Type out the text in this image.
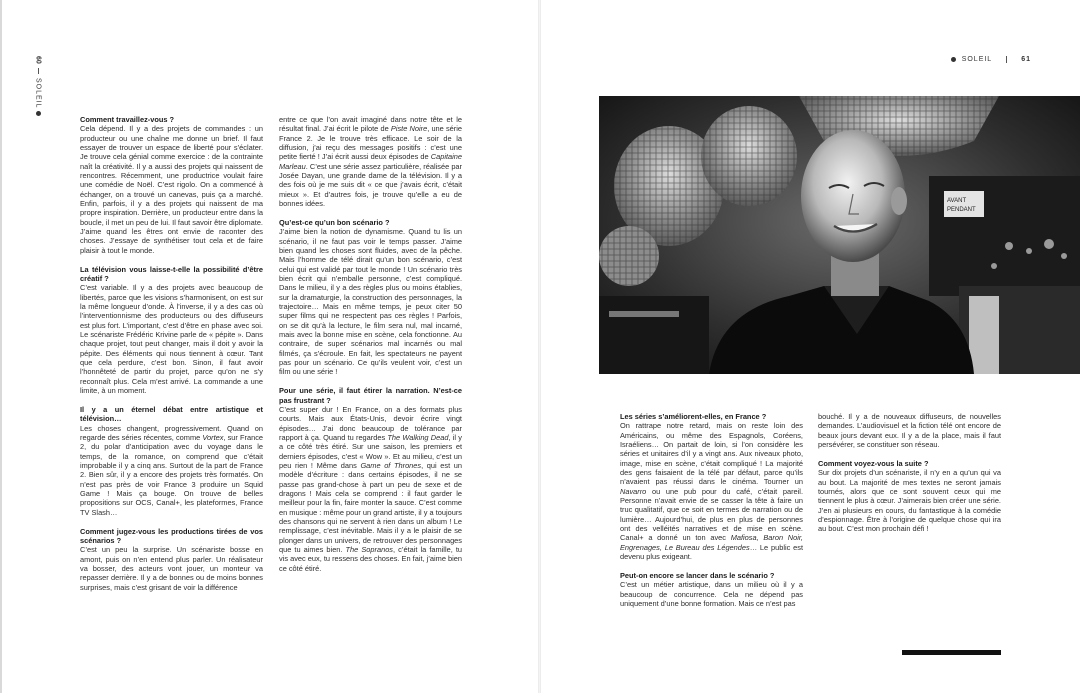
60
SOLEIL

Comment travaillez-vous ?

Cela dépend. Il y a des projets de commandes : un producteur ou une chaîne me donne un brief. Il faut essayer de trouver un espace de liberté pour s’éclater. Je trouve cela génial comme exercice : de la contrainte naît la créativité. Il y a aussi des projets qui naissent de rencontres. Récemment, une productrice voulait faire une comédie de Noël. C’est rigolo. On a commencé à échanger, on a trouvé un canevas, puis ça a marché. Enfin, parfois, il y a des projets qui naissent de ma propre inspiration. Derrière, un producteur entre dans la boucle, il met un peu de lui. Il faut savoir être diplomate. J’aime quand les êtres ont envie de raconter des choses. J’essaye de synthétiser tout cela et de faire plaisir à tout le monde.

La télévision vous laisse-t-elle la possibilité d’être créatif ?

C’est variable. Il y a des projets avec beaucoup de libertés, parce que les visions s’harmonisent, on est sur la même longueur d’onde. À l’inverse, il y a des cas où l’interventionnisme des producteurs ou des diffuseurs est plus fort. L’important, c’est d’être en phase avec soi. Le scénariste Frédéric Krivine parle de « pépite ». Dans chaque projet, tout peut changer, mais il doit y avoir la pépite. Des éléments qui nous tiennent à cœur. Tant que cela perdure, c’est bon. Sinon, il faut avoir l’honnêteté de partir du projet, parce qu’on ne s’y reconnaît plus. Cela m’est arrivé. La commande a une limite, à un moment.

Il y a un éternel débat entre artistique et télévision…

Les choses changent, progressivement. Quand on regarde des séries récentes, comme Vortex, sur France 2, du polar d’anticipation avec du voyage dans le temps, de la romance, on comprend que c’était improbable il y a cinq ans. Surtout de la part de France 2. Bien sûr, il y a encore des projets très formatés. On n’est pas près de voir France 3 produire un Squid Game ! Mais ça bouge. On trouve de belles propositions sur OCS, Canal+, les plateformes, France TV Slash…

Comment jugez-vous les productions tirées de vos scénarios ?

C’est un peu la surprise. Un scénariste bosse en amont, puis on n’en entend plus parler. Un réalisateur va bosser, des acteurs vont jouer, un monteur va repasser derrière. Il y a de bonnes ou de moins bonnes surprises, mais c’est grisant de voir la différence

entre ce que l’on avait imaginé dans notre tête et le résultat final. J’ai écrit le pilote de Piste Noire, une série France 2. Je le trouve très efficace. Le soir de la diffusion, j’ai reçu des messages positifs : c’est une petite fierté ! J’ai écrit aussi deux épisodes de Capitaine Marleau. C’est une série assez particulière, réalisée par Josée Dayan, une grande dame de la télévision. Il y a des fois où je me suis dit « ce que j’avais écrit, c’était mieux ». Et d’autres fois, je trouve qu’elle a eu de bonnes idées.

Qu’est-ce qu’un bon scénario ?

J’aime bien la notion de dynamisme. Quand tu lis un scénario, il ne faut pas voir le temps passer. J’aime bien quand les choses sont fluides, avec de la pêche. Mais l’homme de télé dirait qu’un bon scénario, c’est celui qui est validé par tout le monde ! Un scénario très bien écrit qui n’emballe personne, c’est compliqué. Dans le milieu, il y a des règles plus ou moins établies, sur la dramaturgie, la construction des personnages, la trajectoire… Mais en même temps, je peux citer 50 super films qui ne respectent pas ces règles ! Parfois, on se dit qu’à la lecture, le film sera nul, mal incarné, mais avec la bonne mise en scène, cela fonctionne. Au contraire, de super scénarios mal incarnés ou mal filmés, ça s’écroule. En fait, les spectateurs ne payent pas pour un scénario. Ce qu’ils veulent voir, c’est un film ou une série !

Pour une série, il faut étirer la narration. N’est-ce pas frustrant ?

C’est super dur ! En France, on a des formats plus courts. Mais aux États-Unis, devoir écrire vingt épisodes… J’ai donc beaucoup de tolérance par rapport à ça. Quand tu regardes The Walking Dead, il y a ce côté très étiré. Sur une saison, les premiers et derniers épisodes, c’est « Wow ». Et au milieu, c’est un peu rien ! Même dans Game of Thrones, qui est un modèle d’écriture : dans certains épisodes, il ne se passe pas grand-chose à part un peu de sexe et de dragons ! Mais cela se comprend : il faut garder le meilleur pour la fin, faire monter la sauce. C’est comme en musique : même pour un grand artiste, il y a toujours des chansons qui ne servent à rien dans un album ! Le remplissage, c’est inévitable. Mais il y a le plaisir de se plonger dans un univers, de retrouver des personnages que tu aimes bien. The Sopranos, c’était la famille, tu vis avec eux, tu ressens des choses. En fait, j’aime bien ce côté étiré.

SOLEIL	61
AVANT
PENDANT

Les séries s’améliorent-elles, en France ?

On rattrape notre retard, mais on reste loin des Américains, ou même des Espagnols, Coréens, Israéliens… On partait de loin, si l’on considère les séries et unitaires d’il y a vingt ans. Aux niveaux photo, image, mise en scène, c’était compliqué ! La majorité des gens faisaient de la télé par défaut, parce qu’ils n’avaient pas réussi dans le cinéma. Tourner un Navarro ou une pub pour du café, c’était pareil. Personne n’avait envie de se casser la tête à faire un truc qualitatif, que ce soit en termes de narration ou de lumière… Aujourd’hui, de plus en plus de personnes ont des velléités narratives et de mise en scène. Canal+ a donné un ton avec Mafiosa, Baron Noir, Engrenages, Le Bureau des Légendes… Le public est devenu plus exigeant.

Peut-on encore se lancer dans le scénario ?

C’est un métier artistique, dans un milieu où il y a beaucoup de concurrence. Cela ne dépend pas uniquement d’une bonne formation. Mais ce n’est pas

bouché. Il y a de nouveaux diffuseurs, de nouvelles demandes. L’audiovisuel et la fiction télé ont encore de beaux jours devant eux. Il y a de la place, mais il faut persévérer, se constituer son réseau.

Comment voyez-vous la suite ?

Sur dix projets d’un scénariste, il n’y en a qu’un qui va au bout. La majorité de mes textes ne seront jamais tournés, alors que ce sont souvent ceux qui me tiennent le plus à cœur. J’aimerais bien créer une série. J’en ai plusieurs en cours, du fantastique à la comédie d’espionnage. Être à l’origine de quelque chose qui ira au bout. C’est mon prochain défi !
